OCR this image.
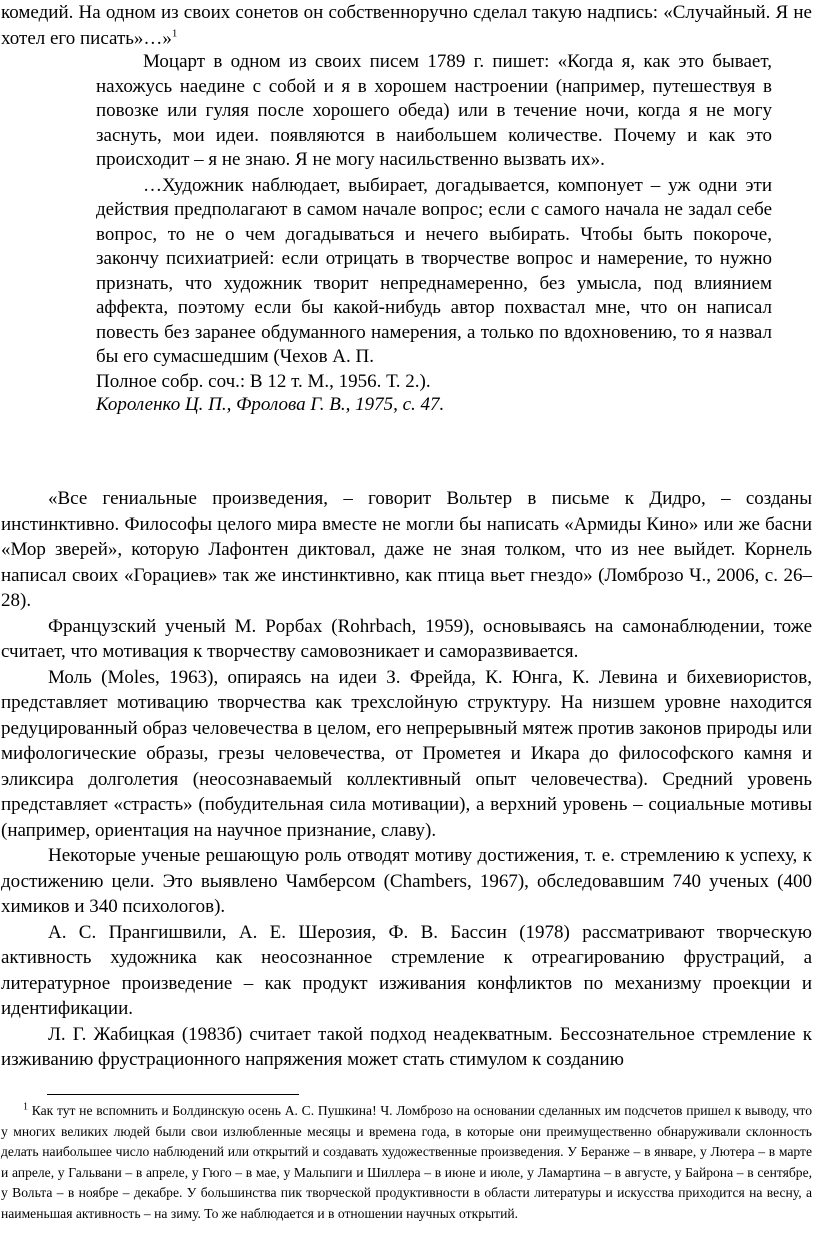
комедий. На одном из своих сонетов он собственноручно сделал такую надпись: «Случайный. Я не хотел его писать»…»$^1$

Моцарт в одном из своих писем 1789 г. пишет: «Когда я, как это бывает, нахожусь наедине с собой и я в хорошем настроении (например, путешествуя в повозке или гуляя после хорошего обеда) или в течение ночи, когда я не могу заснуть, мои идеи. появляются в наибольшем количестве. Почему и как это происходит – я не знаю. Я не могу насильственно вызвать их».

…Художник наблюдает, выбирает, догадывается, компонует – уж одни эти действия предполагают в самом начале вопрос; если с самого начала не задал себе вопрос, то не о чем догадываться и нечего выбирать. Чтобы быть покороче, закончу психиатрией: если отрицать в творчестве вопрос и намерение, то нужно признать, что художник творит непреднамеренно, без умысла, под влиянием аффекта, поэтому если бы какой-нибудь автор похвастал мне, что он написал повесть без заранее обдуманного намерения, а только по вдохновению, то я назвал бы его сумасшедшим (Чехов А. П.

Полное собр. соч.: В 12 т. М., 1956. Т. 2.).

Короленко Ц. П., Фролова Г. В., 1975, с. 47.

«Все гениальные произведения, – говорит Вольтер в письме к Дидро, – созданы инстинктивно. Философы целого мира вместе не могли бы написать «Армиды Кино» или же басни «Мор зверей», которую Лафонтен диктовал, даже не зная толком, что из нее выйдет. Корнель написал своих «Горациев» так же инстинктивно, как птица вьет гнездо» (Ломброзо Ч., 2006, с. 26–28).

Французский ученый М. Popбax (Rohrbach, 1959), основываясь на самонаблюдении, тоже считает, что мотивация к творчеству самовозникает и саморазвивается.

Моль (Moles, 1963), опираясь на идеи З. Фрейда, К. Юнга, К. Левина и бихевиористов, представляет мотивацию творчества как трехслойную структуру. На низшем уровне находится редуцированный образ человечества в целом, его непрерывный мятеж против законов природы или мифологические образы, грезы человечества, от Прометея и Икара до философского камня и эликсира долголетия (неосознаваемый коллективный опыт человечества). Средний уровень представляет «страсть» (побудительная сила мотивации), а верхний уровень – социальные мотивы (например, ориентация на научное признание, славу).

Некоторые ученые решающую роль отводят мотиву достижения, т. е. стремлению к успеху, к достижению цели. Это выявлено Чамберсом (Chambers, 1967), обследовавшим 740 ученых (400 химиков и 340 психологов).

А. С. Прангишвили, А. Е. Шерозия, Ф. В. Бассин (1978) рассматривают творческую активность художника как неосознанное стремление к отреагированию фрустраций, а литературное произведение – как продукт изживания конфликтов по механизму проекции и идентификации.

Л. Г. Жабицкая (1983б) считает такой подход неадекватным. Бессознательное стремление к изживанию фрустрационного напряжения может стать стимулом к созданию

$^1$ Как тут не вспомнить и Болдинскую осень А. С. Пушкина! Ч. Ломброзо на основании сделанных им подсчетов пришел к выводу, что у многих великих людей были свои излюбленные месяцы и времена года, в которые они преимущественно обнаруживали склонность делать наибольшее число наблюдений или открытий и создавать художественные произведения. У Беранже – в январе, у Лютера – в марте и апреле, у Гальвани – в апреле, у Гюго – в мае, у Мальпиги и Шиллера – в июне и июле, у Ламартина – в августе, у Байрона – в сентябре, у Вольта – в ноябре – декабре. У большинства пик творческой продуктивности в области литературы и искусства приходится на весну, а наименьшая активность – на зиму. То же наблюдается и в отношении научных открытий.
